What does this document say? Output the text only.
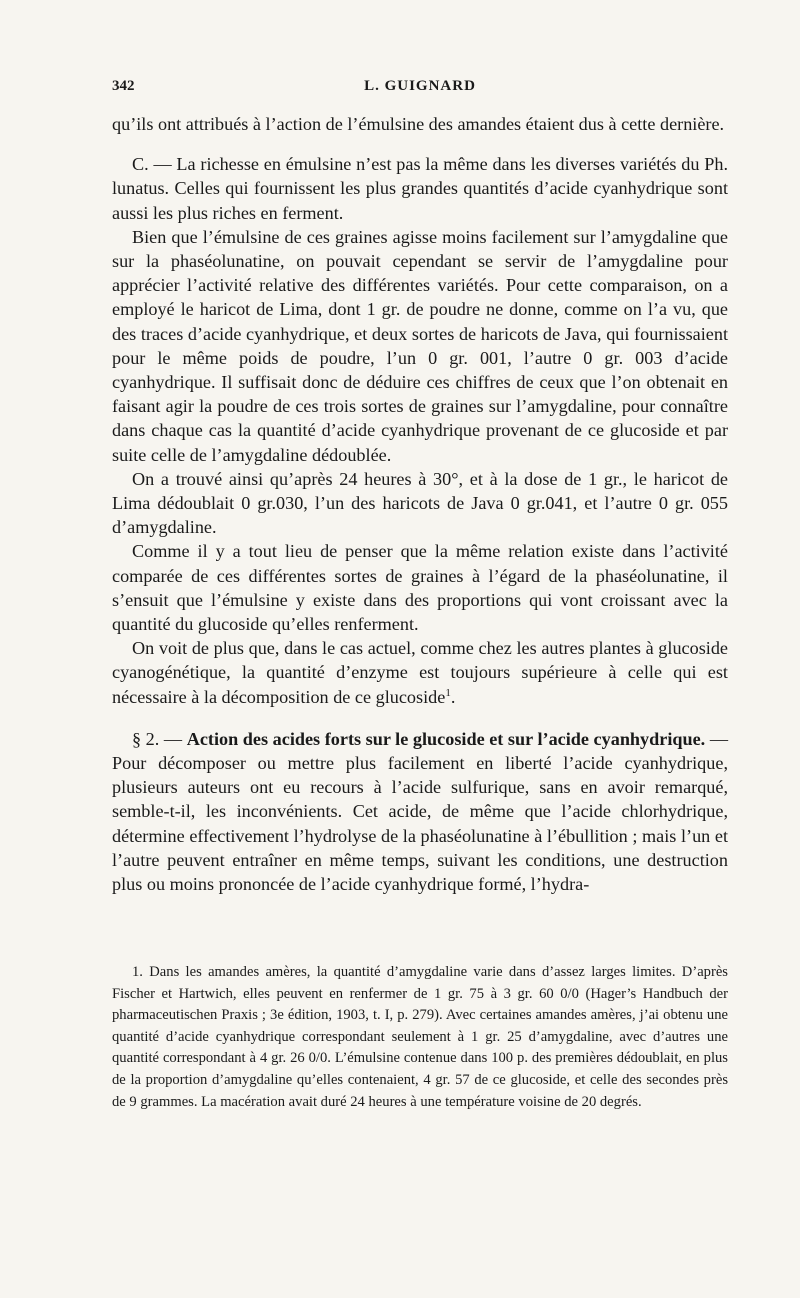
342	L. GUIGNARD

qu’ils ont attribués à l’action de l’émulsine des amandes étaient dus à cette dernière.

C. — La richesse en émulsine n’est pas la même dans les diverses variétés du Ph. lunatus. Celles qui fournissent les plus grandes quantités d’acide cyanhydrique sont aussi les plus riches en ferment.

Bien que l’émulsine de ces graines agisse moins facilement sur l’amygdaline que sur la phaséolunatine, on pouvait cependant se servir de l’amygdaline pour apprécier l’activité relative des différentes variétés. Pour cette comparaison, on a employé le haricot de Lima, dont 1 gr. de poudre ne donne, comme on l’a vu, que des traces d’acide cyanhydrique, et deux sortes de haricots de Java, qui fournissaient pour le même poids de poudre, l’un 0 gr. 001, l’autre 0 gr. 003 d’acide cyanhydrique. Il suffisait donc de déduire ces chiffres de ceux que l’on obtenait en faisant agir la poudre de ces trois sortes de graines sur l’amygdaline, pour connaître dans chaque cas la quantité d’acide cyanhydrique provenant de ce glucoside et par suite celle de l’amygdaline dédoublée.

On a trouvé ainsi qu’après 24 heures à 30°, et à la dose de 1 gr., le haricot de Lima dédoublait 0 gr.030, l’un des haricots de Java 0 gr.041, et l’autre 0 gr. 055 d’amygdaline.

Comme il y a tout lieu de penser que la même relation existe dans l’activité comparée de ces différentes sortes de graines à l’égard de la phaséolunatine, il s’ensuit que l’émulsine y existe dans des proportions qui vont croissant avec la quantité du glucoside qu’elles renferment.

On voit de plus que, dans le cas actuel, comme chez les autres plantes à glucoside cyanogénétique, la quantité d’enzyme est toujours supérieure à celle qui est nécessaire à la décomposition de ce glucoside$^1$.

§ 2. — Action des acides forts sur le glucoside et sur l’acide cyanhydrique. — Pour décomposer ou mettre plus facilement en liberté l’acide cyanhydrique, plusieurs auteurs ont eu recours à l’acide sulfurique, sans en avoir remarqué, semble-t-il, les inconvénients. Cet acide, de même que l’acide chlorhydrique, détermine effectivement l’hydrolyse de la phaséolunatine à l’ébullition ; mais l’un et l’autre peuvent entraîner en même temps, suivant les conditions, une destruction plus ou moins prononcée de l’acide cyanhydrique formé, l’hydra-

1. Dans les amandes amères, la quantité d’amygdaline varie dans d’assez larges limites. D’après Fischer et Hartwich, elles peuvent en renfermer de 1 gr. 75 à 3 gr. 60 0/0 (Hager’s Handbuch der pharmaceutischen Praxis ; 3e édition, 1903, t. I, p. 279). Avec certaines amandes amères, j’ai obtenu une quantité d’acide cyanhydrique correspondant seulement à 1 gr. 25 d’amygdaline, avec d’autres une quantité correspondant à 4 gr. 26 0/0. L’émulsine contenue dans 100 p. des premières dédoublait, en plus de la proportion d’amygdaline qu’elles contenaient, 4 gr. 57 de ce glucoside, et celle des secondes près de 9 grammes. La macération avait duré 24 heures à une température voisine de 20 degrés.
